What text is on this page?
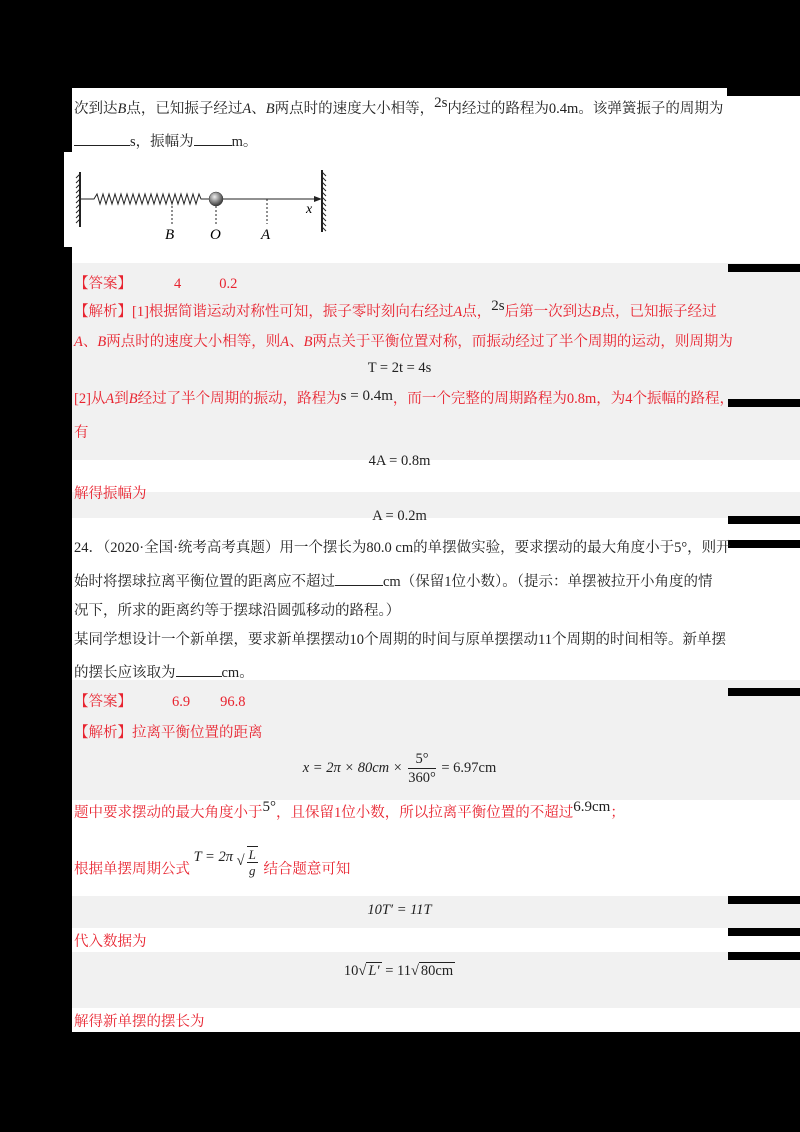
次到达B点，已知振子经过A、B两点时的速度大小相等，2s内经过的路程为0.4m。该弹簧振子的周期为
s，振幅为	m。
B O	A
x
【答案】	4	0.2
【解析】[1]根据简谐运动对称性可知，振子零时刻向右经过A点，2s后第一次到达B点，已知振子经过
A、B两点时的速度大小相等，则A、B两点关于平衡位置对称，而振动经过了半个周期的运动，则周期为
T = 2t = 4s
[2]从A到B经过了半个周期的振动，路程为s = 0.4m，而一个完整的周期路程为0.8m，为4个振幅的路程，
有
4A = 0.8m
解得振幅为
A = 0.2m
24．（2020·全国·统考高考真题）用一个摆长为80.0 cm的单摆做实验，要求摆动的最大角度小于5°，则开
始时将摆球拉离平衡位置的距离应不超过	cm（保留1位小数）。（提示：单摆被拉开小角度的情
况下，所求的距离约等于摆球沿圆弧移动的路程。）
某同学想设计一个新单摆，要求新单摆摆动10个周期的时间与原单摆摆动11个周期的时间相等。新单摆
的摆长应该取为	cm。
【答案】	6.9 96.8
【解析】拉离平衡位置的距离
$x = 2\pi \times 80cm \times \frac{5^\circ}{360^\circ} = 6.97cm$
题中要求摆动的最大角度小于5°，且保留1位小数，所以拉离平衡位置的不超过6.9cm；
根据单摆周期公式 T = 2π √ $\frac{L}{g}$ 结合题意可知
10T′ = 11T
代入数据为
10√ L′ = 11√ 80cm
解得新单摆的摆长为
